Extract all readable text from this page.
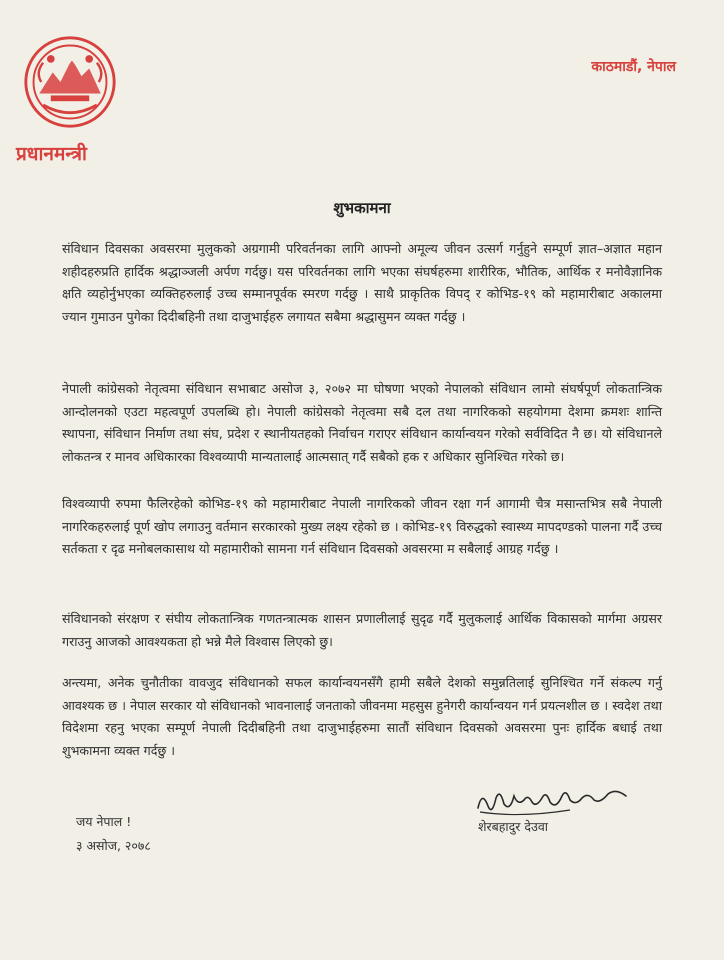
प्रधानमन्त्री
काठमाडौं, नेपाल
शुभकामना
संविधान दिवसका अवसरमा मुलुकको अग्रगामी परिवर्तनका लागि आफ्नो अमूल्य जीवन उत्सर्ग गर्नुहुने सम्पूर्ण ज्ञात–अज्ञात महान शहीदहरुप्रति हार्दिक श्रद्धाञ्जली अर्पण गर्दछु। यस परिवर्तनका लागि भएका संघर्षहरुमा शारीरिक, भौतिक, आर्थिक र मनोवैज्ञानिक क्षति व्यहोर्नुभएका व्यक्तिहरुलाई उच्च सम्मानपूर्वक स्मरण गर्दछु । साथै प्राकृतिक विपद् र कोभिड-१९ को महामारीबाट अकालमा ज्यान गुमाउन पुगेका दिदीबहिनी तथा दाजुभाईहरु लगायत सबैमा श्रद्धासुमन व्यक्त गर्दछु ।
नेपाली कांग्रेसको नेतृत्वमा संविधान सभाबाट असोज ३, २०७२ मा घोषणा भएको नेपालको संविधान लामो संघर्षपूर्ण लोकतान्त्रिक आन्दोलनको एउटा महत्वपूर्ण उपलब्धि हो। नेपाली कांग्रेसको नेतृत्वमा सबै दल तथा नागरिकको सहयोगमा देशमा क्रमशः शान्ति स्थापना, संविधान निर्माण तथा संघ, प्रदेश र स्थानीयतहको निर्वाचन गराएर संविधान कार्यान्वयन गरेको सर्वविदित नै छ। यो संविधानले लोकतन्त्र र मानव अधिकारका विश्वव्यापी मान्यतालाई आत्मसात् गर्दै सबैको हक र अधिकार सुनिश्चित गरेको छ।
विश्वव्यापी रुपमा फैलिरहेको कोभिड-१९ को महामारीबाट नेपाली नागरिकको जीवन रक्षा गर्न आगामी चैत्र मसान्तभित्र सबै नेपाली नागरिकहरुलाई पूर्ण खोप लगाउनु वर्तमान सरकारको मुख्य लक्ष्य रहेको छ । कोभिड-१९ विरुद्धको स्वास्थ्य मापदण्डको पालना गर्दै उच्च सर्तकता र दृढ मनोबलकासाथ यो महामारीको सामना गर्न संविधान दिवसको अवसरमा म सबैलाई आग्रह गर्दछु ।
संविधानको संरक्षण र संघीय लोकतान्त्रिक गणतन्त्रात्मक शासन प्रणालीलाई सुदृढ गर्दै मुलुकलाई आर्थिक विकासको मार्गमा अग्रसर गराउनु आजको आवश्यकता हो भन्ने मैले विश्वास लिएको छु।
अन्त्यमा, अनेक चुनौतीका वावजुद संविधानको सफल कार्यान्वयनसँगै हामी सबैले देशको समुन्नतिलाई सुनिश्चित गर्ने संकल्प गर्नु आवश्यक छ । नेपाल सरकार यो संविधानको भावनालाई जनताको जीवनमा महसुस हुनेगरी कार्यान्वयन गर्न प्रयत्नशील छ । स्वदेश तथा विदेशमा रहनु भएका सम्पूर्ण नेपाली दिदीबहिनी तथा दाजुभाईहरुमा सातौं संविधान दिवसको अवसरमा पुनः हार्दिक बधाई तथा शुभकामना व्यक्त गर्दछु ।
जय नेपाल !
३ असोज, २०७८
शेरबहादुर देउवा
